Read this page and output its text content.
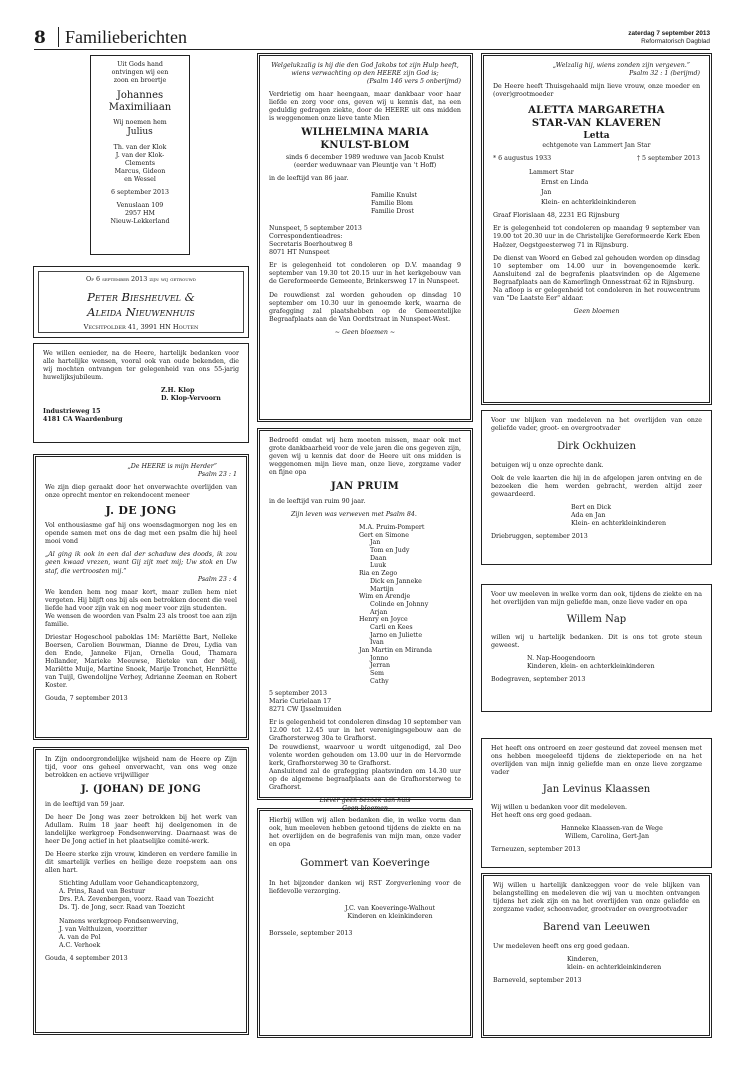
8	Familieberichten	zaterdag 7 september 2013
Reformatorisch Dagblad
Uit Gods hand
ontvingen wij een
zoon en broertje
Johannes
Maximiliaan
Wij noemen hem
Julius
Th. van der Klok
J. van der Klok-
Clements
Marcus, Gideon
en Wessel
6 september 2013
Venuslaan 109
2957 HM
Nieuw-Lekkerland
Op 6 september 2013 zijn wij getrouwd
Peter Biesheuvel &
Aleida Nieuwenhuis
Vechtpolder 41, 3991 HN Houten
We willen eenieder, na de Heere, hartelijk bedanken voor alle hartelijke wensen, vooral ook van oude bekenden, die wij mochten ontvangen ter gelegenheid van ons 55-jarig huwelijksjubileum.
Z.H. Klop
D. Klop-Vervoorn
Industrieweg 15
4181 CA Waardenburg
„De HEERE is mijn Herder”
Psalm 23 : 1
We zijn diep geraakt door het onverwachte overlijden van onze oprecht mentor en rekendocent meneer
J. DE JONG
Vol enthousiasme gaf hij ons woensdagmorgen nog les en opende samen met ons de dag met een psalm die hij heel mooi vond
„Al ging ik ook in een dal der schaduw des doods, ik zou geen kwaad vrezen, want Gij zijt met mij; Uw stok en Uw staf, die vertroosten mij.”
Psalm 23 : 4
We kenden hem nog maar kort, maar zullen hem niet vergeten. Hij blijft ons bij als een betrokken docent die veel liefde had voor zijn vak en nog meer voor zijn studenten.
We wensen de woorden van Psalm 23 als troost toe aan zijn familie.
Driestar Hogeschool paboklas 1M: Mariëtte Bart, Nelleke Boersen, Carolien Bouwman, Dianne de Dreu, Lydia van den Ende, Janneke Fijan, Ornella Goud, Thamara Hollander, Marieke Meeuwse, Rieteke van der Meij, Mariëtte Muije, Martine Snoek, Marije Tronchet, Henriëtte van Tuijl, Gwendolijne Verhey, Adrianne Zeeman en Robert Koster.
Gouda, 7 september 2013
In Zijn ondoorgrondelijke wijsheid nam de Heere op Zijn tijd, voor ons geheel onverwacht, van ons weg onze betrokken en actieve vrijwilliger
J. (JOHAN) DE JONG
in de leeftijd van 59 jaar.
De heer De Jong was zeer betrokken bij het werk van Adullam. Ruim 18 jaar heeft hij deelgenomen in de landelijke werkgroep Fondsenwerving. Daarnaast was de heer De Jong actief in het plaatselijke comité-werk.
De Heere sterke zijn vrouw, kinderen en verdere familie in dit smartelijk verlies en heilige deze roepstem aan ons allen hart.
Stichting Adullam voor Gehandicaptenzorg,
A. Prins, Raad van Bestuur
Drs. P.A. Zevenbergen, voorz. Raad van Toezicht
Ds. Tj. de Jong, secr. Raad van Toezicht
Namens werkgroep Fondsenwerving,
J. van Velthuizen, voorzitter
A. van de Pol
A.C. Verhoek
Gouda, 4 september 2013
Welgelukzalig is hij die den God Jakobs tot zijn Hulp heeft, wiens verwachting op den HEERE zijn God is;
(Psalm 146 vers 5 onberijmd)
Verdrietig om haar heengaan, maar dankbaar voor haar liefde en zorg voor ons, geven wij u kennis dat, na een geduldig gedragen ziekte, door de HEERE uit ons midden is weggenomen onze lieve tante Mien
WILHELMINA MARIA
KNULST-BLOM
sinds 6 december 1989 weduwe van Jacob Knulst
(eerder weduwnaar van Pleuntje van 't Hoff)
in de leeftijd van 86 jaar.
Familie Knulst
Familie Blom
Familie Drost
Nunspeet, 5 september 2013
Correspondentieadres:
Secretaris Boerhoutweg 8
8071 HT Nunspeet
Er is gelegenheid tot condoleren op D.V. maandag 9 september van 19.30 tot 20.15 uur in het kerkgebouw van de Gereformeerde Gemeente, Brinkersweg 17 in Nunspeet.
De rouwdienst zal worden gehouden op dinsdag 10 september om 10.30 uur in genoemde kerk, waarna de grafegging zal plaatshebben op de Gemeentelijke Begraafplaats aan de Van Oordtstraat in Nunspeet-West.
~ Geen bloemen ~
Bedroefd omdat wij hem moeten missen, maar ook met grote dankbaarheid voor de vele jaren die ons gegeven zijn, geven wij u kennis dat door de Heere uit ons midden is weggenomen mijn lieve man, onze lieve, zorgzame vader en fijne opa
JAN PRUIM
in de leeftijd van ruim 90 jaar.
Zijn leven was verweven met Psalm 84.
M.A. Pruim-Pompert
Gert en Simone
Jan
Tom en Judy
Daan
Luuk
Ria en Zego
Dick en Janneke
Martijn
Wim en Arendje
Colinde en Johnny
Arjan
Henry en Joyce
Carli en Kees
Jarno en Juliette
Ivan
Jan Martin en Miranda
Jonno
Jerran
Sem
Cathy
5 september 2013
Marie Curielaan 17
8271 CW IJsselmuiden
Er is gelegenheid tot condoleren dinsdag 10 september van 12.00 tot 12.45 uur in het verenigingsgebouw aan de Grafhorsterweg 30a te Grafhorst.
De rouwdienst, waarvoor u wordt uitgenodigd, zal Deo volente worden gehouden om 13.00 uur in de Hervormde kerk, Grafhorsterweg 30 te Grafhorst.
Aansluitend zal de grafegging plaatsvinden om 14.30 uur op de algemene begraafplaats aan de Grafhorsterweg te Grafhorst.
Liever geen bezoek aan huis
Geen bloemen
Hierbij willen wij allen bedanken die, in welke vorm dan ook, hun meeleven hebben getoond tijdens de ziekte en na het overlijden en de begrafenis van mijn man, onze vader en opa
Gommert van Koeveringe
In het bijzonder danken wij RST Zorgverlening voor de liefdevolle verzorging.
J.C. van Koeveringe-Walhout
Kinderen en kleinkinderen
Borssele, september 2013
„Welzalig hij, wiens zonden zijn vergeven.”
Psalm 32 : 1 (berijmd)
De Heere heeft Thuisgehaald mijn lieve vrouw, onze moeder en (over)grootmoeder
ALETTA MARGARETHA
STAR-VAN KLAVEREN
Letta
echtgenote van Lammert Jan Star
* 6 augustus 1933	† 5 september 2013
Lammert Star
Ernst en Linda
Jan
Klein- en achterkleinkinderen
Graaf Florislaan 48, 2231 EG Rijnsburg
Er is gelegenheid tot condoleren op maandag 9 september van 19.00 tot 20.30 uur in de Christelijke Gereformeerde Kerk Eben Haëzer, Oegstgeesterweg 71 in Rijnsburg.
De dienst van Woord en Gebed zal gehouden worden op dinsdag 10 september om 14.00 uur in bovengenoemde kerk. Aansluitend zal de begrafenis plaatsvinden op de Algemene Begraafplaats aan de Kamerlingh Onnesstraat 62 in Rijnsburg.
Na afloop is er gelegenheid tot condoleren in het rouwcentrum van "De Laatste Eer" aldaar.
Geen bloemen
Voor uw blijken van medeleven na het overlijden van onze geliefde vader, groot- en overgrootvader
Dirk Ockhuizen
betuigen wij u onze oprechte dank.
Ook de vele kaarten die hij in de afgelopen jaren ontving en de bezoeken die hem werden gebracht, werden altijd zeer gewaardeerd.
Bert en Dick
Ada en Jan
Klein- en achterkleinkinderen
Driebruggen, september 2013
Voor uw meeleven in welke vorm dan ook, tijdens de ziekte en na het overlijden van mijn geliefde man, onze lieve vader en opa
Willem Nap
willen wij u hartelijk bedanken. Dit is ons tot grote steun geweest.
N. Nap-Hoogendoorn
Kinderen, klein- en achterkleinkinderen
Bodegraven, september 2013
Het heeft ons ontroerd en zeer gesteund dat zoveel mensen met ons hebben meegeleefd tijdens de ziekteperiode en na het overlijden van mijn innig geliefde man en onze lieve zorgzame vader
Jan Levinus Klaassen
Wij willen u bedanken voor dit medeleven.
Het heeft ons erg goed gedaan.
Hanneke Klaassen-van de Wege
Willem, Carolina, Gert-Jan
Terneuzen, september 2013
Wij willen u hartelijk dankzeggen voor de vele blijken van belangstelling en medeleven die wij van u mochten ontvangen tijdens het ziek zijn en na het overlijden van onze geliefde en zorgzame vader, schoonvader, grootvader en overgrootvader
Barend van Leeuwen
Uw medeleven heeft ons erg goed gedaan.
Kinderen,
klein- en achterkleinkinderen
Barneveld, september 2013
